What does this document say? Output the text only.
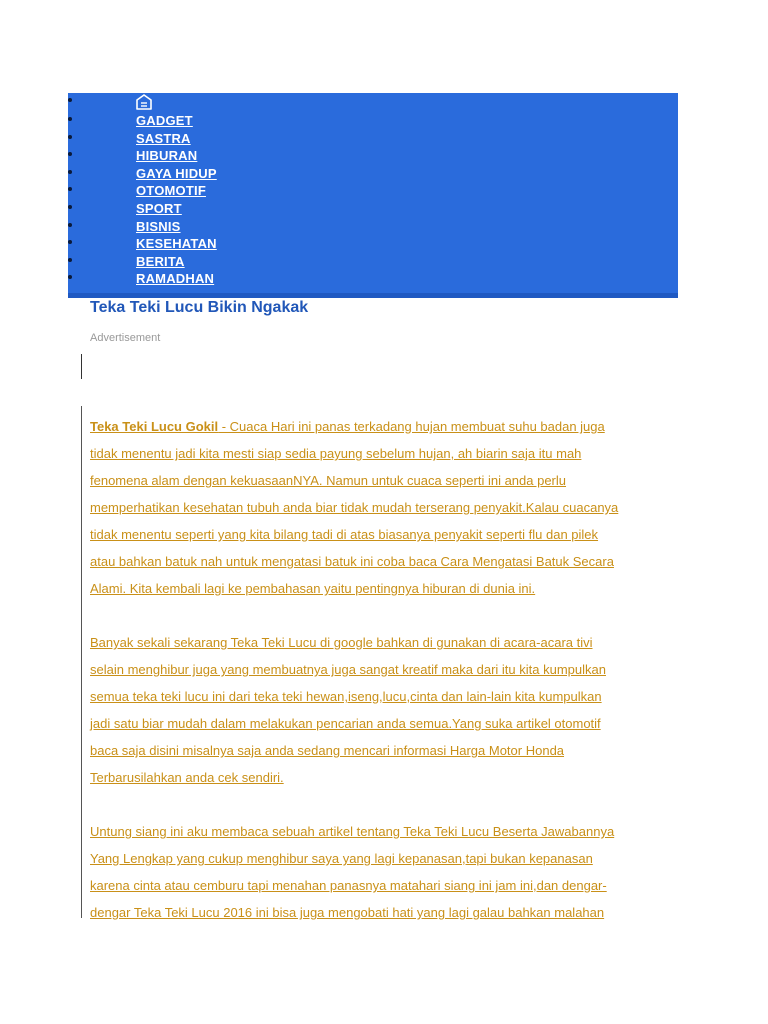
GADGET
SASTRA
HIBURAN
GAYA HIDUP
OTOMOTIF
SPORT
BISNIS
KESEHATAN
BERITA
RAMADHAN
Teka Teki Lucu Bikin Ngakak
Advertisement

Teka Teki Lucu Gokil - Cuaca Hari ini panas terkadang hujan membuat suhu badan juga
tidak menentu jadi kita mesti siap sedia payung sebelum hujan, ah biarin saja itu mah
fenomena alam dengan kekuasaanNYA. Namun untuk cuaca seperti ini anda perlu
memperhatikan kesehatan tubuh anda biar tidak mudah terserang penyakit.Kalau cuacanya
tidak menentu seperti yang kita bilang tadi di atas biasanya penyakit seperti flu dan pilek
atau bahkan batuk nah untuk mengatasi batuk ini coba baca Cara Mengatasi Batuk Secara
Alami. Kita kembali lagi ke pembahasan yaitu pentingnya hiburan di dunia ini.

Banyak sekali sekarang Teka Teki Lucu di google bahkan di gunakan di acara-acara tivi
selain menghibur juga yang membuatnya juga sangat kreatif maka dari itu kita kumpulkan
semua teka teki lucu ini dari teka teki hewan,iseng,lucu,cinta dan lain-lain kita kumpulkan
jadi satu biar mudah dalam melakukan pencarian anda semua.Yang suka artikel otomotif
baca saja disini misalnya saja anda sedang mencari informasi Harga Motor Honda
Terbarusilahkan anda cek sendiri.

Untung siang ini aku membaca sebuah artikel tentang Teka Teki Lucu Beserta Jawabannya
Yang Lengkap yang cukup menghibur saya yang lagi kepanasan,tapi bukan kepanasan
karena cinta atau cemburu tapi menahan panasnya matahari siang ini jam ini,dan dengar-
dengar Teka Teki Lucu 2016 ini bisa juga mengobati hati yang lagi galau bahkan malahan
